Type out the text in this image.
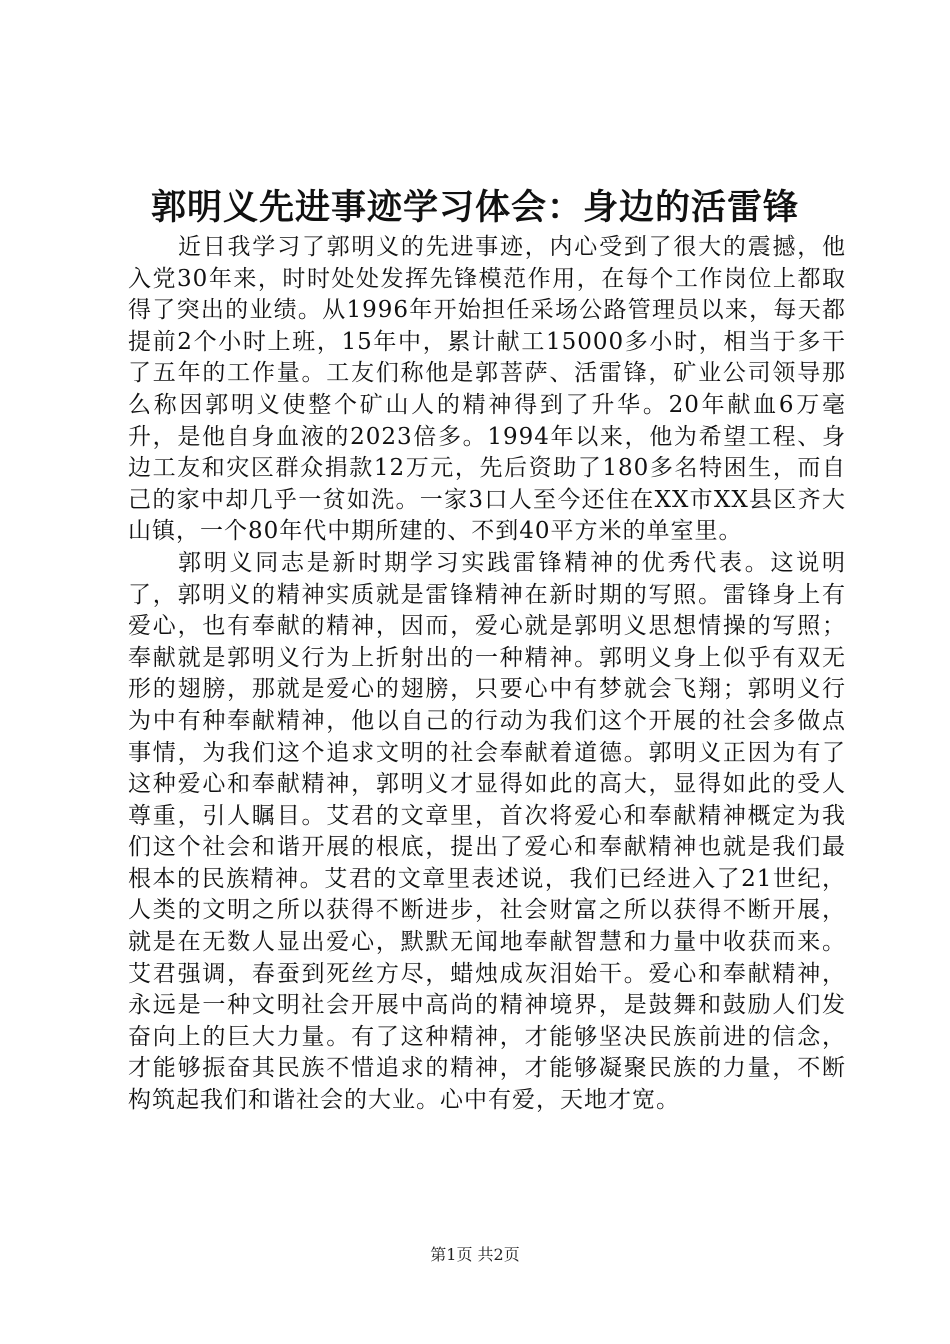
郭明义先进事迹学习体会：身边的活雷锋

近日我学习了郭明义的先进事迹，内心受到了很大的震撼，他入党30年来，时时处处发挥先锋模范作用，在每个工作岗位上都取得了突出的业绩。从1996年开始担任采场公路管理员以来，每天都提前2个小时上班，15年中，累计献工15000多小时，相当于多干了五年的工作量。工友们称他是郭菩萨、活雷锋，矿业公司领导那么称因郭明义使整个矿山人的精神得到了升华。20年献血6万毫升，是他自身血液的2023倍多。1994年以来，他为希望工程、身边工友和灾区群众捐款12万元，先后资助了180多名特困生，而自己的家中却几乎一贫如洗。一家3口人至今还住在XX市XX县区齐大山镇，一个80年代中期所建的、不到40平方米的单室里。

郭明义同志是新时期学习实践雷锋精神的优秀代表。这说明了，郭明义的精神实质就是雷锋精神在新时期的写照。雷锋身上有爱心，也有奉献的精神，因而，爱心就是郭明义思想情操的写照；奉献就是郭明义行为上折射出的一种精神。郭明义身上似乎有双无形的翅膀，那就是爱心的翅膀，只要心中有梦就会飞翔；郭明义行为中有种奉献精神，他以自己的行动为我们这个开展的社会多做点事情，为我们这个追求文明的社会奉献着道德。郭明义正因为有了这种爱心和奉献精神，郭明义才显得如此的高大，显得如此的受人尊重，引人瞩目。艾君的文章里，首次将爱心和奉献精神概定为我们这个社会和谐开展的根底，提出了爱心和奉献精神也就是我们最根本的民族精神。艾君的文章里表述说，我们已经进入了21世纪，人类的文明之所以获得不断进步，社会财富之所以获得不断开展，就是在无数人显出爱心，默默无闻地奉献智慧和力量中收获而来。艾君强调，春蚕到死丝方尽，蜡烛成灰泪始干。爱心和奉献精神，永远是一种文明社会开展中高尚的精神境界，是鼓舞和鼓励人们发奋向上的巨大力量。有了这种精神，才能够坚决民族前进的信念，才能够振奋其民族不惜追求的精神，才能够凝聚民族的力量，不断构筑起我们和谐社会的大业。心中有爱，天地才宽。

第1页 共2页
